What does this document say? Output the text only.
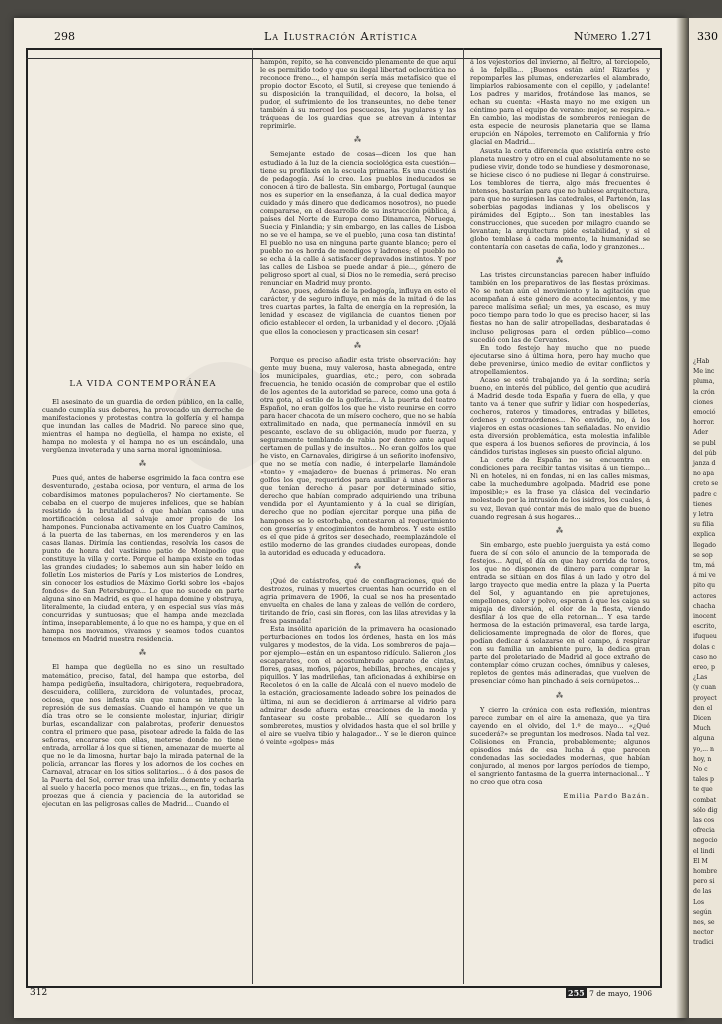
330
¿Hab
Me inc
pluma,
la crón
ciones
emoció
horror.
Ader
se publ
del púb
janza d
no apa
creto se
padre c
tienes
y letra
su filia
explica
llegado
se sop
tm, má
á mi ve
pito qu
actores
chacha
inocent
escrito,
ifuqueu
dolas c
caso no
ereo, p
¿Las
(y cuan
proyect
den el
Dicen
Much
alguna
yo,... n
hoy, n
No c
tales p
te que
combat
sólo dig
las cos
ofrecia
negocio
el lindi
El M
hombre
pero si
de las
Los
según
nes, se
nector
tradici
298	La Ilustración Artística	Número 1.271
LA VIDA CONTEMPORÁNEA

El asesinato de un guardia de orden público, en la calle, cuando cumplía sus deberes, ha provocado un derroche de manifestaciones y protestas contra la golfería y el hampa que inundan las calles de Madrid. No parece sino que, mientras el hampa no degüella, el hampa no existe, el hampa no molesta y el hampa no es un escándalo, una vergüenza inveterada y una sarna moral ignominiosa.

⁂

Pues qué, antes de haberse esgrimido la faca contra ese desventurado, ¿estaba ociosa, por ventura, el arma de los cobardísimos matones populacheros? No ciertamente. Se cebaba en el cuerpo de mujeres infelices, que se habían resistido á la brutalidad ó que habían cansado una mortificación celosa al salvaje amor propio de los hampones. Funcionaba activamente en los Cuatro Caminos, á la puerta de las tabernas, en los merenderos y en las casas llanas. Dirimía las contiendas, resolvía los casos de punto de honra del vastísimo patio de Monipodio que constituye la villa y corte. Porque el hampa existe en todas las grandes ciudades; lo sabemos aun sin haber leído en folletín Los misterios de París y Los misterios de Londres, sin conocer los estudios de Máximo Gorki sobre los «bajos fondos» de San Petersburgo... Lo que no sucede en parte alguna sino en Madrid, es que el hampa domine y obstruya, literalmente, la ciudad entera, y en especial sus vías más concurridas y suntuosas; que el hampa ande mezclada íntima, inseparablemente, á lo que no es hampa, y que en el hampa nos movamos, vivamos y seamos todos cuantos tenemos en Madrid nuestra residencia.

⁂

El hampa que degüella no es sino un resultado matemático, preciso, fatal, del hampa que estorba, del hampa pedigüeña, insultadora, chirigotera, requebradora, descuidera, colillera, zurcidora de voluntades, procaz, ociosa, que nos infesta sin que nunca se intente la represión de sus demasías. Cuando el hampón ve que un día tras otro se le consiente molestar, injuriar, dirigir burlas, escandalizar con palabrotas, proferir denuestos contra el primero que pasa, pisotear adrede la falda de las señoras, encararse con ellas, meterse donde no tiene entrada, arrollar á los que si tienen, amenazar de muerte al que no le da limosna, hurtar bajo la mirada paternal de la policía, arrancar las flores y los adornos de los coches en Carnaval, atracar en los sitios solitarios... ó á dos pasos de la Puerta del Sol, correr tras una infeliz demente y echarla al suelo y hacerla poco menos que trizas..., en fin, todas las proezas que á ciencia y paciencia de la autoridad se ejecutan en las peligrosas calles de Madrid... Cuando el

hampón, repito, se ha convencido plenamente de que aquí le es permitido todo y que su ilegal libertad oclocrática no reconoce freno..., el hampón sería más metafísico que el propio doctor Escoto, el Sutil, si creyese que teniendo á su disposición la tranquilidad, el decoro, la bolsa, el pudor, el sufrimiento de los transeuntes, no debe tener también á su merced los pescuezos, las yugulares y las tráqueas de los guardias que se atrevan á intentar reprimirle.

⁂

Semejante estado de cosas—dicen los que han estudiado á la luz de la ciencia sociológica esta cuestión—tiene su profilaxis en la escuela primaria. Es una cuestión de pedagogía. Así lo creo. Los pueblos ineducados se conocen á tiro de ballesta. Sin embargo, Portugal (aunque nos es superior en la enseñanza, á la cual dedica mayor cuidado y más dinero que dedicamos nosotros), no puede compararse, en el desarrollo de su instrucción pública, á países del Norte de Europa como Dinamarca, Noruega, Suecia y Finlandia; y sin embargo, en las calles de Lisboa no se ve el hampa, se ve el pueblo, ¡una cosa tan distinta! El pueblo no usa en ninguna parte guante blanco; pero el pueblo no es horda de mendigos y ladrones; el pueblo no se echa á la calle á satisfacer depravados instintos. Y por las calles de Lisboa se puede andar á pie..., género de peligroso sport al cual, si Dios no le remedia, será preciso renunciar en Madrid muy pronto.

Acaso, pues, además de la pedagogía, influya en esto el carácter, y de seguro influye, en más de la mitad ó de las tres cuartas partes, la falta de energía en la represión, la lenidad y escasez de vigilancia de cuantos tienen por oficio establecer el orden, la urbanidad y el decoro. ¡Ojalá que ellos la conociesen y practicasen sin cesar!

⁂

Porque es preciso añadir esta triste observación: hay gente muy buena, muy valerosa, hasta abnegada, entre los municipales, guardias, etc.; pero, con sobrada frecuencia, he tenido ocasión de comprobar que el estilo de los agentes de la autoridad se parece, como una gota á otra gota, al estilo de la golfería... A la puerta del teatro Español, no eran golfos los que he visto reunirse en corro para hacer chacota de un mísero cochero, que no se había extralimitado en nada, que permanecía inmóvil en su pescante, esclavo de su obligación, mudo por fuerza, y seguramente temblando de rabia por dentro ante aquel certamen de pullas y de insultos... No eran golfos los que he visto, en Carnavales, dirigirse á un señorito inofensivo, que no se metía con nadie, é interpelarle llamándole «tonto» y «majadero» de buenas á primeras. No eran golfos los que, requeridos para auxiliar á unas señoras que tenían derecho á pasar por determinado sitio, derecho que habían comprado adquiriendo una tribuna vendida por el Ayuntamiento y á la cual se dirigían, derecho que no podían ejercitar porque una piña de hampones se lo estorbaba, contestaron al requerimiento con groserías y encogimientos de hombros. Y este estilo es el que pide á gritos ser desechado, reemplazándole el estilo moderno de las grandes ciudades europeas, donde la autoridad es educada y educadora.

⁂

¡Qué de catástrofes, qué de conflagraciones, qué de destrozos, ruinas y muertes cruentas han ocurrido en el agria primavera de 1906, la cual se nos ha presentado envuelta en chales de lana y zaleas de vellón de cordero, tiritando de frío, casi sin flores, con las lilas atrevidas y la fresa pasmada!

Esta insólita aparición de la primavera ha ocasionado perturbaciones en todos los órdenes, hasta en los más vulgares y modestos, de la vida. Los sombreros de paja—por ejemplo—están en un espantoso ridículo. Salieron ¿los escaparates, con el acostumbrado aparato de cintas, flores, gasas, moños, pájaros, hebillas, broches, encajes y piquillos. Y las madrileñas, tan aficionadas á exhibirse en Recoletos ó en la calle de Alcalá con el nuevo modelo de la estación, graciosamente ladeado sobre los peinados de última, ni aun se decidieron á arrimarse al vidrio para admirar desde afuera estas creaciones de la moda y fantasear su coste probable... Allí se quedaron los sombreretes, mustios y olvidados hasta que el sol brille y el aire se vuelva tibio y halagador... Y se le dieron quince ó veinte «golpes» más

á los vejestorios del invierno, al fieltro, al terciopelo, á la felpilla... ¡Buenos están aún! Rizarles y repomparles las plumas, enderezarles el alambrado, limpiarlos rabiosamente con el cepillo, y ¡adelante! Los padres y maridos, frotándose las manos, se echan su cuenta: «Hasta mayo no me exigen un céntimo para el equipo de verano: mejor, se respira.» En cambio, las modistas de sombreros reniegan de esta especie de neurosis planetaria que se llama erupción en Nápoles, terremoto en California y frío glacial en Madrid...

Asusta la corta diferencia que existiría entre este planeta nuestro y otro en el cual absolutamente no se pudiese vivir, donde todo se hundiese y desmoronase, se hiciese cisco ó no pudiese ni llegar á construirse. Los temblores de tierra, algo más frecuentes é intensos, bastarían para que no hubiese arquitectura, para que no surgiesen las catedrales, el Partenón, las soberbias pagodas indianas y los obeliscos y pirámides del Egipto... Son tan inestables las construcciones, que suceden por milagro cuando se levantan; la arquitectura pide estabilidad, y si el globo temblase á cada momento, la humanidad se contentaría con casetas de caña, lodo y granzones...

⁂

Las tristes circunstancias parecen haber influído también en los preparativos de las fiestas próximas. No se notan aún el movimiento y la agitación que acompañan á este género de acontecimientos, y me parece malísima señal; un mes, ya escaso, es muy poco tiempo para todo lo que es preciso hacer, si las fiestas no han de salir atropelladas, desbaratadas é incluso peligrosas para el orden público—como sucedió con las de Cervantes.

En todo festejo hay mucho que no puede ejecutarse sino á última hora, pero hay mucho que debe prevenirse, único medio de evitar conflictos y atropellamientos.

Acaso se esté trabajando ya á la sordina; sería bueno, en interés del público, del gentío que acudirá á Madrid desde toda España y fuera de ella, y que tanto va á tener que sufrir y lidiar con hospederías, cocheros, rateros y timadores, entradas y billetes, órdenes y contraórdenes... No envidio, no, á los viajeros en estas ocasiones tan señaladas. No envidio esta diversión problemática, esta molestia infalible que espera á los buenos señores de provincia, á los cándidos turistas ingleses sin puesto oficial alguno.

La corte de España no se encuentra en condiciones para recibir tantas visitas á un tiempo... Ni en hoteles, ni en fondas, ni en las calles mismas, cabe la muchedumbre agolpada. Madrid ese pone imposible;» es la frase ya clásica del vecindario molestado por la intrusión de los isidros, los cuales, á su vez, llevan qué contar más de malo que de bueno cuando regresan á sus hogares...

⁂

Sin embargo, este pueblo juerguista ya está como fuera de sí con sólo el anuncio de la temporada de festejos... Aquí, el día en que hay corrida de toros, los que no disponen de dinero para comprar la entrada se sitúan en dos filas á un lado y otro del largo trayecto que media entre la plaza y la Puerta del Sol, y aguantando en pie apretujones, empellones, calor y polvo, esperan á que les caiga su migaja de diversión, el olor de la fiesta, viendo desfilar á los que de ella retornan... Y esa tarde hermosa de la estación primaveral, esa tarde larga, deliciosamente impregnada de olor de flores, que podían dedicar á solazarse en el campo, á respirar con su familia un ambiente puro, la dedica gran parte del proletariado de Madrid al goce extraño de contemplar cómo cruzan coches, ómnibus y caleses, repletos de gentes más adineradas, que vuelven de presenciar cómo han pinchado á seis cornúpetos...

⁂

Y cierro la crónica con esta reflexión, mientras parece zumbar en el aire la amenaza, que ya tira cayendo en el olvido, del 1.º de mayo... «¿Qué sucederá?» se preguntan los medrosos. Nada tal vez. Colisiones en Francia, probablemente; algunos episodios más de esa lucha á que parecen condenadas las sociedades modernas, que habían conjurado, al menos por largos períodos de tiempo, el sangriento fantasma de la guerra internacional... Y no creo que otra cosa

Emilia Pardo Bazán.
312	255 7 de mayo, 1906
